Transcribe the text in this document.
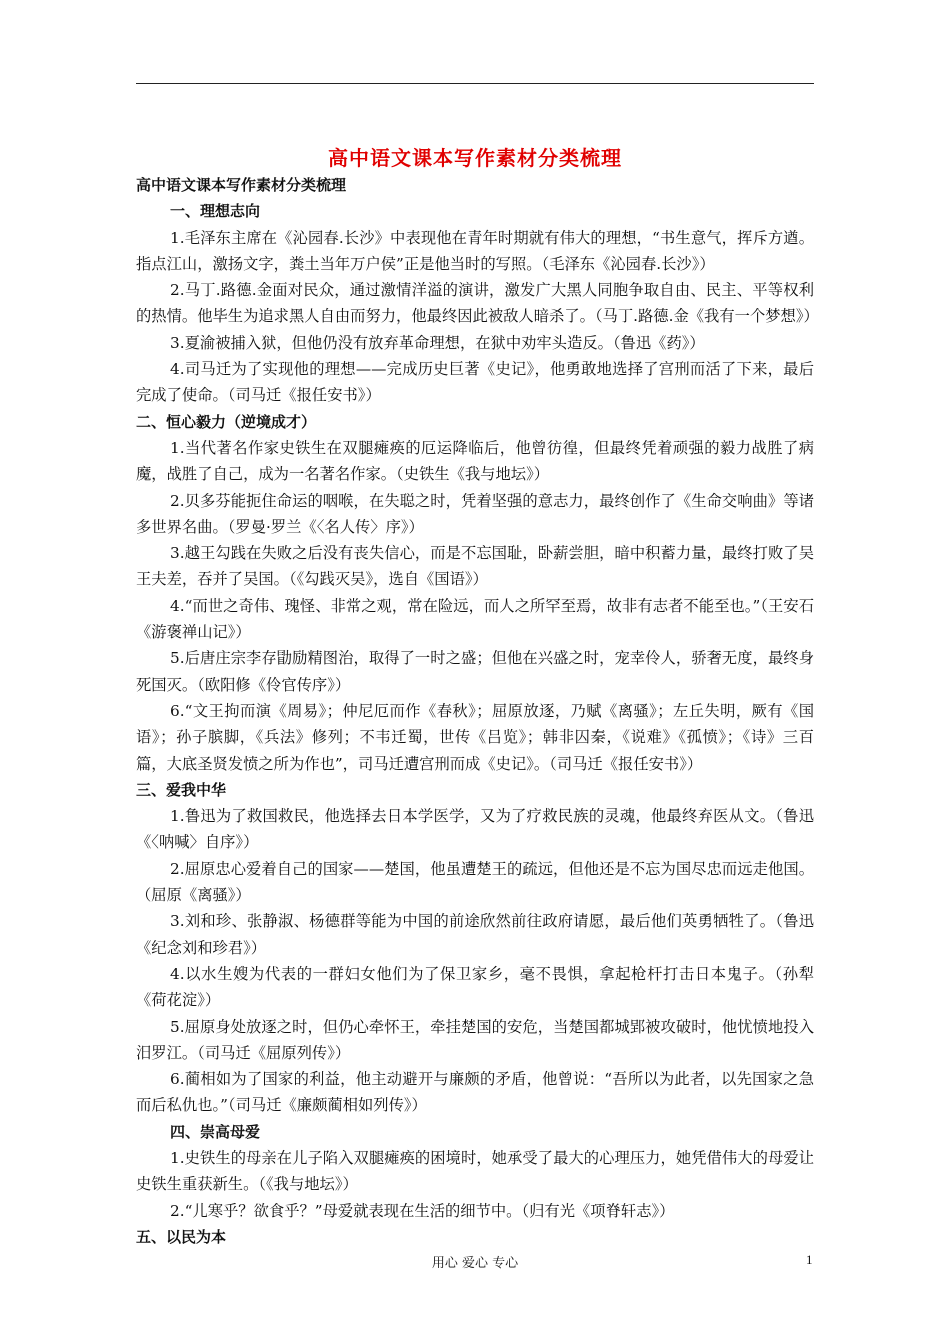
高中语文课本写作素材分类梳理
高中语文课本写作素材分类梳理
一、理想志向

1.毛泽东主席在《沁园春.长沙》中表现他在青年时期就有伟大的理想，“书生意气，挥斥方遒。指点江山，激扬文字，粪土当年万户侯”正是他当时的写照。（毛泽东《沁园春.长沙》）

2.马丁.路德.金面对民众，通过激情洋溢的演讲，激发广大黑人同胞争取自由、民主、平等权利的热情。他毕生为追求黑人自由而努力，他最终因此被敌人暗杀了。（马丁.路德.金《我有一个梦想》）

3.夏渝被捕入狱，但他仍没有放弃革命理想，在狱中劝牢头造反。（鲁迅《药》）

4.司马迁为了实现他的理想——完成历史巨著《史记》，他勇敢地选择了宫刑而活了下来，最后完成了使命。（司马迁《报任安书》）

二、恒心毅力（逆境成才）

1.当代著名作家史铁生在双腿瘫痪的厄运降临后，他曾彷徨，但最终凭着顽强的毅力战胜了病魔，战胜了自己，成为一名著名作家。（史铁生《我与地坛》）

2.贝多芬能扼住命运的咽喉，在失聪之时，凭着坚强的意志力，最终创作了《生命交响曲》等诸多世界名曲。（罗曼·罗兰《〈名人传〉序》）

3.越王勾践在失败之后没有丧失信心，而是不忘国耻，卧薪尝胆，暗中积蓄力量，最终打败了吴王夫差，吞并了吴国。（《勾践灭吴》，选自《国语》）

4.“而世之奇伟、瑰怪、非常之观，常在险远，而人之所罕至焉，故非有志者不能至也。”（王安石《游褒禅山记》）

5.后唐庄宗李存勖励精图治，取得了一时之盛；但他在兴盛之时，宠幸伶人，骄奢无度，最终身死国灭。（欧阳修《伶官传序》）

6.“文王拘而演《周易》；仲尼厄而作《春秋》；屈原放逐，乃赋《离骚》；左丘失明，厥有《国语》；孙子膑脚，《兵法》修列；不韦迁蜀，世传《吕览》；韩非囚秦，《说难》《孤愤》；《诗》三百篇，大底圣贤发愤之所为作也”，司马迁遭宫刑而成《史记》。（司马迁《报任安书》）

三、爱我中华

1.鲁迅为了救国救民，他选择去日本学医学，又为了疗救民族的灵魂，他最终弃医从文。（鲁迅《〈呐喊〉自序》）

2.屈原忠心爱着自己的国家——楚国，他虽遭楚王的疏远，但他还是不忘为国尽忠而远走他国。（屈原《离骚》）

3.刘和珍、张静淑、杨德群等能为中国的前途欣然前往政府请愿，最后他们英勇牺牲了。（鲁迅《纪念刘和珍君》）

4.以水生嫂为代表的一群妇女他们为了保卫家乡，毫不畏惧，拿起枪杆打击日本鬼子。（孙犁《荷花淀》）

5.屈原身处放逐之时，但仍心牵怀王，牵挂楚国的安危，当楚国都城郢被攻破时，他忧愤地投入汨罗江。（司马迁《屈原列传》）

6.蔺相如为了国家的利益，他主动避开与廉颇的矛盾，他曾说：“吾所以为此者，以先国家之急而后私仇也。”（司马迁《廉颇蔺相如列传》）

四、崇高母爱

1.史铁生的母亲在儿子陷入双腿瘫痪的困境时，她承受了最大的心理压力，她凭借伟大的母爱让史铁生重获新生。（《我与地坛》）

2.“儿寒乎？欲食乎？”母爱就表现在生活的细节中。（归有光《项脊轩志》）

五、以民为本
用心 爱心 专心	1
